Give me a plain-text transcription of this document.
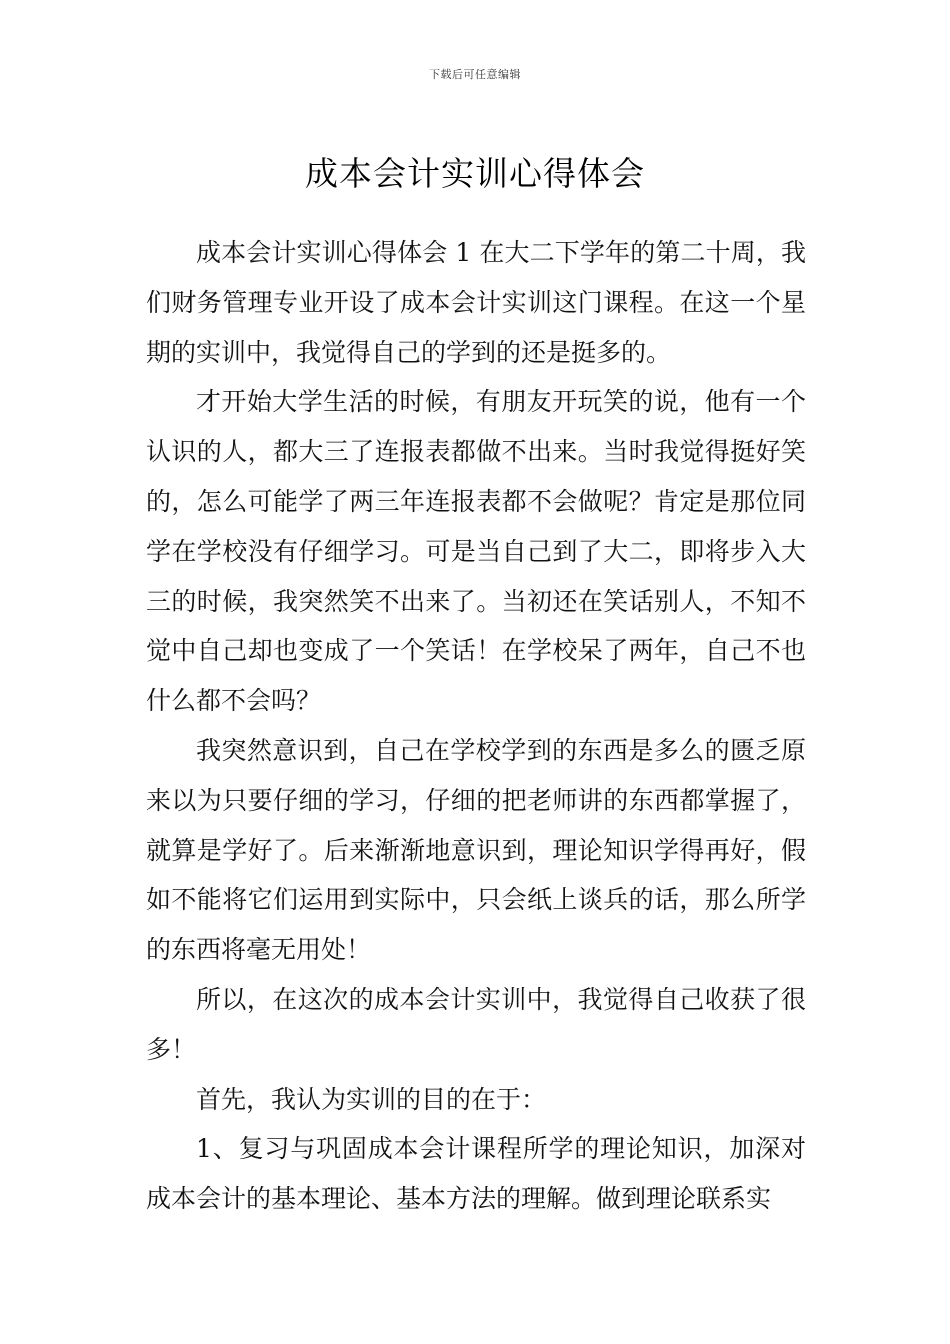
下载后可任意编辑
成本会计实训心得体会

成本会计实训心得体会 1 在大二下学年的第二十周，我们财务管理专业开设了成本会计实训这门课程。在这一个星期的实训中，我觉得自己的学到的还是挺多的。

才开始大学生活的时候，有朋友开玩笑的说，他有一个认识的人，都大三了连报表都做不出来。当时我觉得挺好笑的，怎么可能学了两三年连报表都不会做呢？肯定是那位同学在学校没有仔细学习。可是当自己到了大二，即将步入大三的时候，我突然笑不出来了。当初还在笑话别人，不知不觉中自己却也变成了一个笑话！在学校呆了两年，自己不也什么都不会吗？

我突然意识到，自己在学校学到的东西是多么的匮乏原来以为只要仔细的学习，仔细的把老师讲的东西都掌握了，就算是学好了。后来渐渐地意识到，理论知识学得再好，假如不能将它们运用到实际中，只会纸上谈兵的话，那么所学的东西将毫无用处！

所以，在这次的成本会计实训中，我觉得自己收获了很多！

首先，我认为实训的目的在于：

1、复习与巩固成本会计课程所学的理论知识，加深对成本会计的基本理论、基本方法的理解。做到理论联系实
